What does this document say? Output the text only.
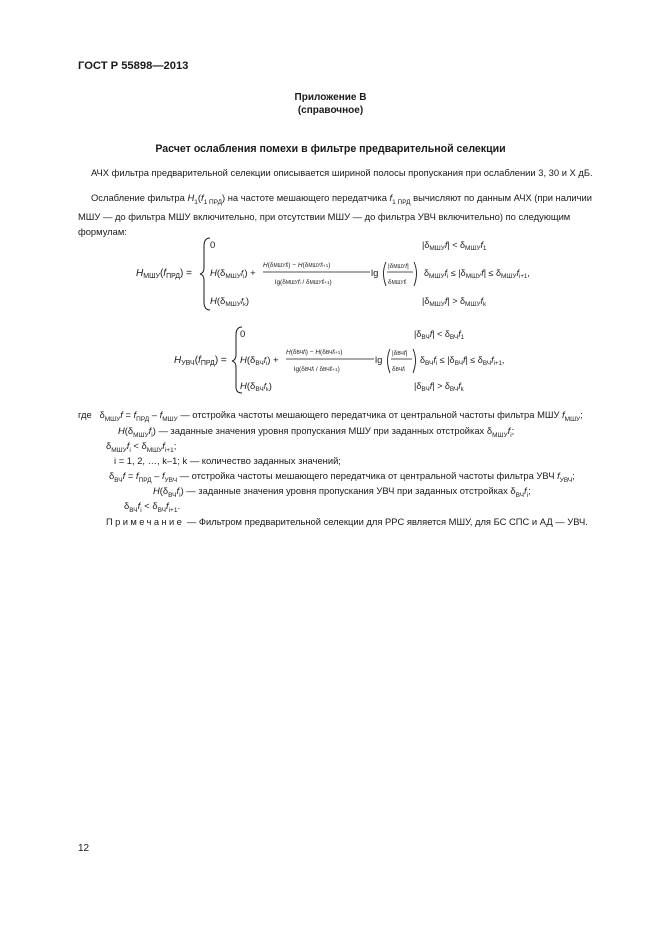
ГОСТ Р 55898—2013
Приложение В
(справочное)
Расчет ослабления помехи в фильтре предварительной селекции
АЧХ фильтра предварительной селекции описывается шириной полосы пропускания при ослаблении 3, 30 и X дБ.
Ослабление фильтра $H_1(f_{1 ПРД})$ на частоте мешающего передатчика $f_{1 ПРД}$ вычисляют по данным АЧХ (при наличии МШУ — до фильтра МШУ включительно, при отсутствии МШУ — до фильтра УВЧ включительно) по следующим формулам:
$H_{МШУ}(f_{ПРД})$ =
0
$H(\delta_{МШУ}^f_i)$ +
H(δМШУfi) − H(δМШУfi+1)
lg(δМШУfi / δМШУfi+1)
lg
|δМШУf|
δМШУfi
$H(\delta_{МШУ}^f_k)$
$|\delta_{МШУ}f| < \delta_{МШУ}f_1$
$\delta_{МШУ}f_i \le |\delta_{МШУ}f| \le \delta_{МШУ}f_{i+1}$,
$|\delta_{МШУ}f| > \delta_{МШУ}f_k$
$H_{УВЧ}(f_{ПРД})$ =
0
$H(\delta_{ВЧ}^f_i)$ +
H(δВЧfi) − H(δВЧfi+1)
lg(δВЧfi / δВЧfi+1)
lg
|δВЧf|
δВЧfi
$H(\delta_{ВЧ}^f_k)$
$|\delta_{ВЧ}f| < \delta_{ВЧ}f_1$
$\delta_{ВЧ}f_i \le |\delta_{ВЧ}f| \le \delta_{ВЧ}f_{i+1}$,
$|\delta_{ВЧ}f| > \delta_{ВЧ}f_k$
где   $\delta_{МШУ}f = f_{ПРД} - f_{МШУ}$ — отстройка частоты мешающего передатчика от центральной частоты фильтра МШУ $f_{МШУ}$;
$H(\delta_{МШУ}f_i)$ — заданные значения уровня пропускания МШУ при заданных отстройках $\delta_{МШУ}f_i$;
$\delta_{МШУ}f_i < \delta_{МШУ}f_{i+1}$;
i = 1, 2, …, k–1; k — количество заданных значений;
$\delta_{ВЧ}f = f_{ПРД} - f_{УВЧ}$ — отстройка частоты мешающего передатчика от центральной частоты фильтра УВЧ $f_{УВЧ}$;
$H(\delta_{ВЧ}f_i)$ — заданные значения уровня пропускания УВЧ при заданных отстройках $\delta_{ВЧ}f_i$;
$\delta_{ВЧ}f_i < \delta_{ВЧ}f_{i+1}$.
Примечание — Фильтром предварительной селекции для РРС является МШУ, для БС СПС и АД — УВЧ.
12
